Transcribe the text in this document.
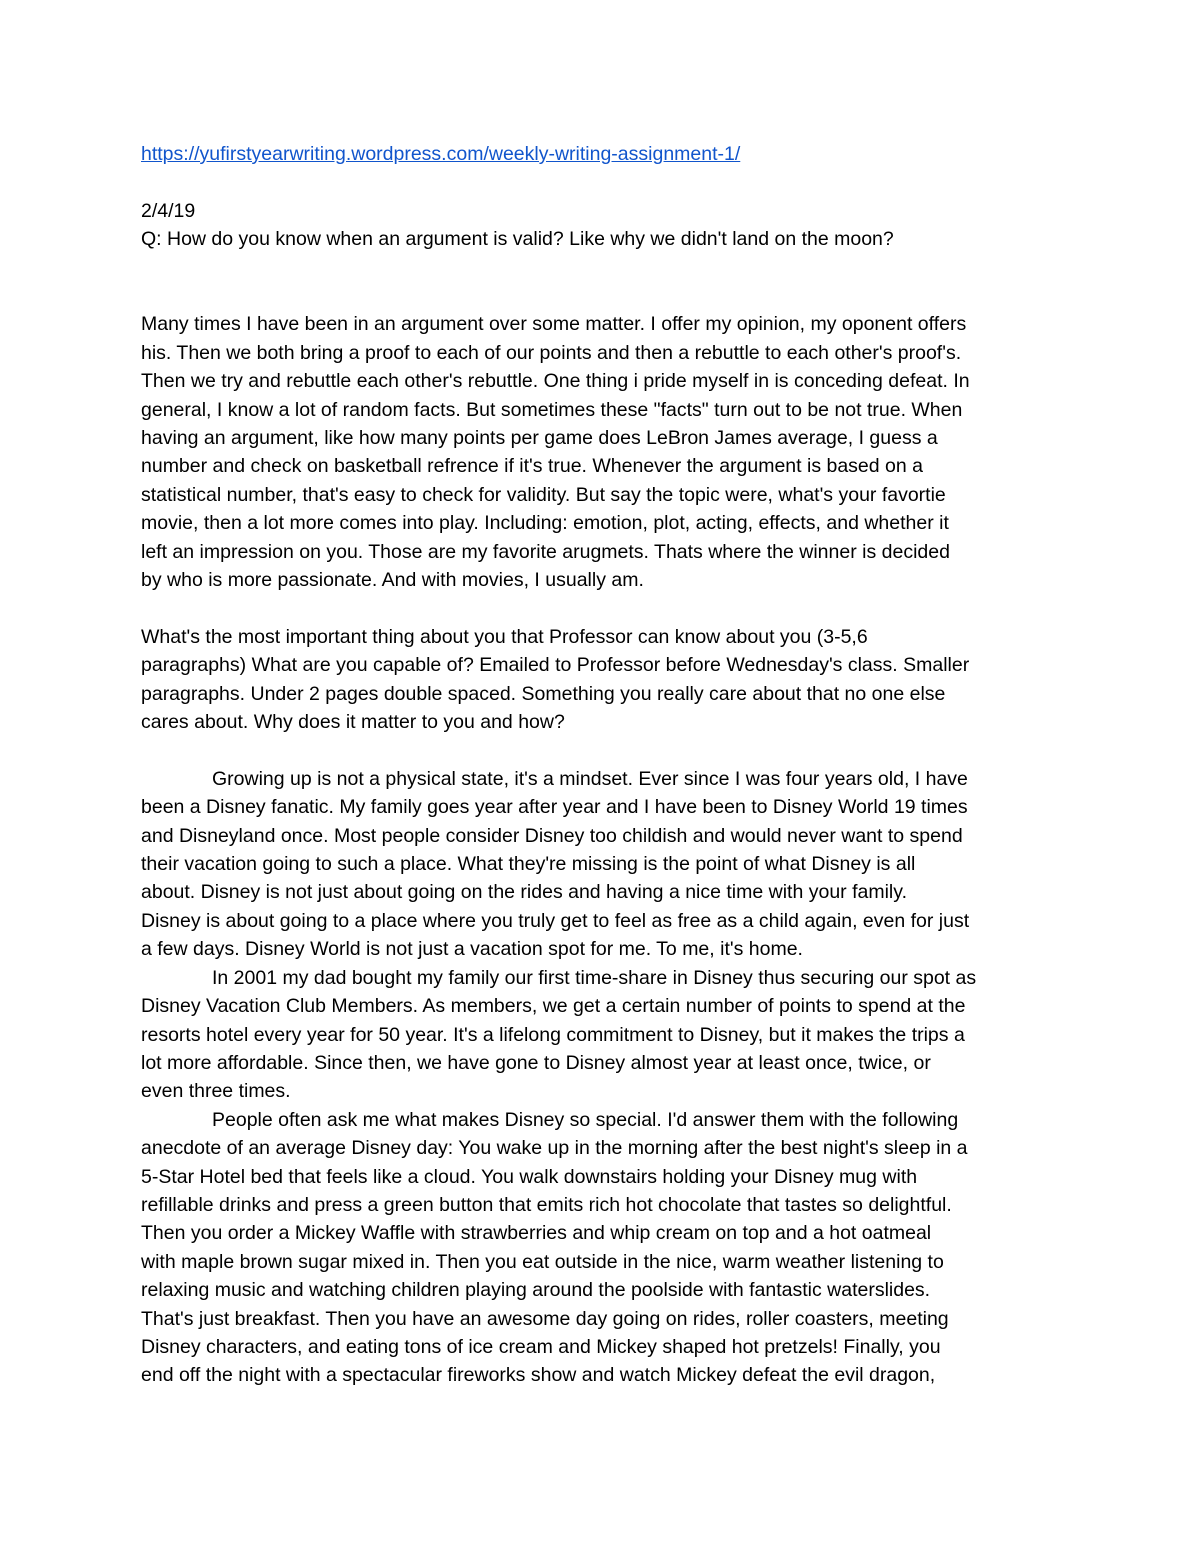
https://yufirstyearwriting.wordpress.com/weekly-writing-assignment-1/
2/4/19
Q: How do you know when an argument is valid? Like why we didn't land on the moon?
Many times I have been in an argument over some matter. I offer my opinion, my oponent offers
his. Then we both bring a proof to each of our points and then a rebuttle to each other's proof's.
Then we try and rebuttle each other's rebuttle. One thing i pride myself in is conceding defeat. In
general, I know a lot of random facts. But sometimes these "facts" turn out to be not true. When
having an argument, like how many points per game does LeBron James average, I guess a
number and check on basketball refrence if it's true. Whenever the argument is based on a
statistical number, that's easy to check for validity. But say the topic were, what's your favortie
movie, then a lot more comes into play. Including: emotion, plot, acting, effects, and whether it
left an impression on you. Those are my favorite arugmets. Thats where the winner is decided
by who is more passionate. And with movies, I usually am.
What's the most important thing about you that Professor can know about you (3-5,6
paragraphs) What are you capable of? Emailed to Professor before Wednesday's class. Smaller
paragraphs. Under 2 pages double spaced. Something you really care about that no one else
cares about. Why does it matter to you and how?
Growing up is not a physical state, it's a mindset. Ever since I was four years old, I have
been a Disney fanatic. My family goes year after year and I have been to Disney World 19 times
and Disneyland once. Most people consider Disney too childish and would never want to spend
their vacation going to such a place. What they're missing is the point of what Disney is all
about. Disney is not just about going on the rides and having a nice time with your family.
Disney is about going to a place where you truly get to feel as free as a child again, even for just
a few days. Disney World is not just a vacation spot for me. To me, it's home.
In 2001 my dad bought my family our first time-share in Disney thus securing our spot as
Disney Vacation Club Members. As members, we get a certain number of points to spend at the
resorts hotel every year for 50 year. It's a lifelong commitment to Disney, but it makes the trips a
lot more affordable. Since then, we have gone to Disney almost year at least once, twice, or
even three times.
People often ask me what makes Disney so special. I'd answer them with the following
anecdote of an average Disney day: You wake up in the morning after the best night's sleep in a
5-Star Hotel bed that feels like a cloud. You walk downstairs holding your Disney mug with
refillable drinks and press a green button that emits rich hot chocolate that tastes so delightful.
Then you order a Mickey Waffle with strawberries and whip cream on top and a hot oatmeal
with maple brown sugar mixed in. Then you eat outside in the nice, warm weather listening to
relaxing music and watching children playing around the poolside with fantastic waterslides.
That's just breakfast. Then you have an awesome day going on rides, roller coasters, meeting
Disney characters, and eating tons of ice cream and Mickey shaped hot pretzels! Finally, you
end off the night with a spectacular fireworks show and watch Mickey defeat the evil dragon,
